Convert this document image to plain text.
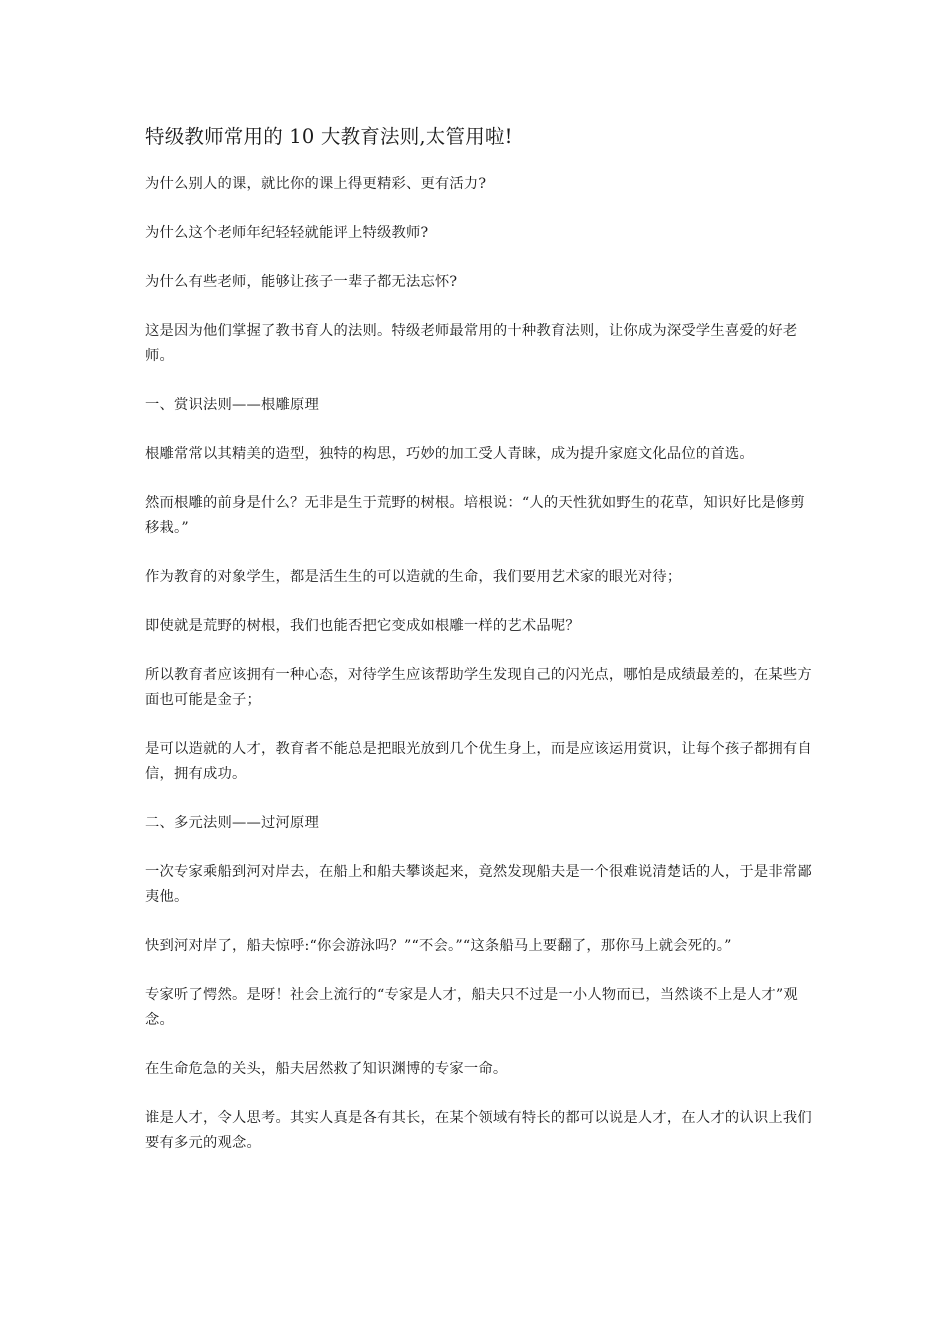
特级教师常用的 10 大教育法则,太管用啦!

为什么别人的课，就比你的课上得更精彩、更有活力?

为什么这个老师年纪轻轻就能评上特级教师?

为什么有些老师，能够让孩子一辈子都无法忘怀?

这是因为他们掌握了教书育人的法则。特级老师最常用的十种教育法则，让你成为深受学生喜爱的好老师。

一、赏识法则——根雕原理

根雕常常以其精美的造型，独特的构思，巧妙的加工受人青睐，成为提升家庭文化品位的首选。

然而根雕的前身是什么？无非是生于荒野的树根。培根说：“人的天性犹如野生的花草，知识好比是修剪移栽。”

作为教育的对象学生，都是活生生的可以造就的生命，我们要用艺术家的眼光对待；

即使就是荒野的树根，我们也能否把它变成如根雕一样的艺术品呢？

所以教育者应该拥有一种心态，对待学生应该帮助学生发现自己的闪光点，哪怕是成绩最差的，在某些方面也可能是金子；

是可以造就的人才，教育者不能总是把眼光放到几个优生身上，而是应该运用赏识，让每个孩子都拥有自信，拥有成功。

二、多元法则——过河原理

一次专家乘船到河对岸去，在船上和船夫攀谈起来，竟然发现船夫是一个很难说清楚话的人，于是非常鄙夷他。

快到河对岸了，船夫惊呼:“你会游泳吗？”“不会。”“这条船马上要翻了，那你马上就会死的。”

专家听了愕然。是呀！社会上流行的“专家是人才，船夫只不过是一小人物而已，当然谈不上是人才”观念。

在生命危急的关头，船夫居然救了知识渊博的专家一命。

谁是人才，令人思考。其实人真是各有其长，在某个领域有特长的都可以说是人才，在人才的认识上我们要有多元的观念。
